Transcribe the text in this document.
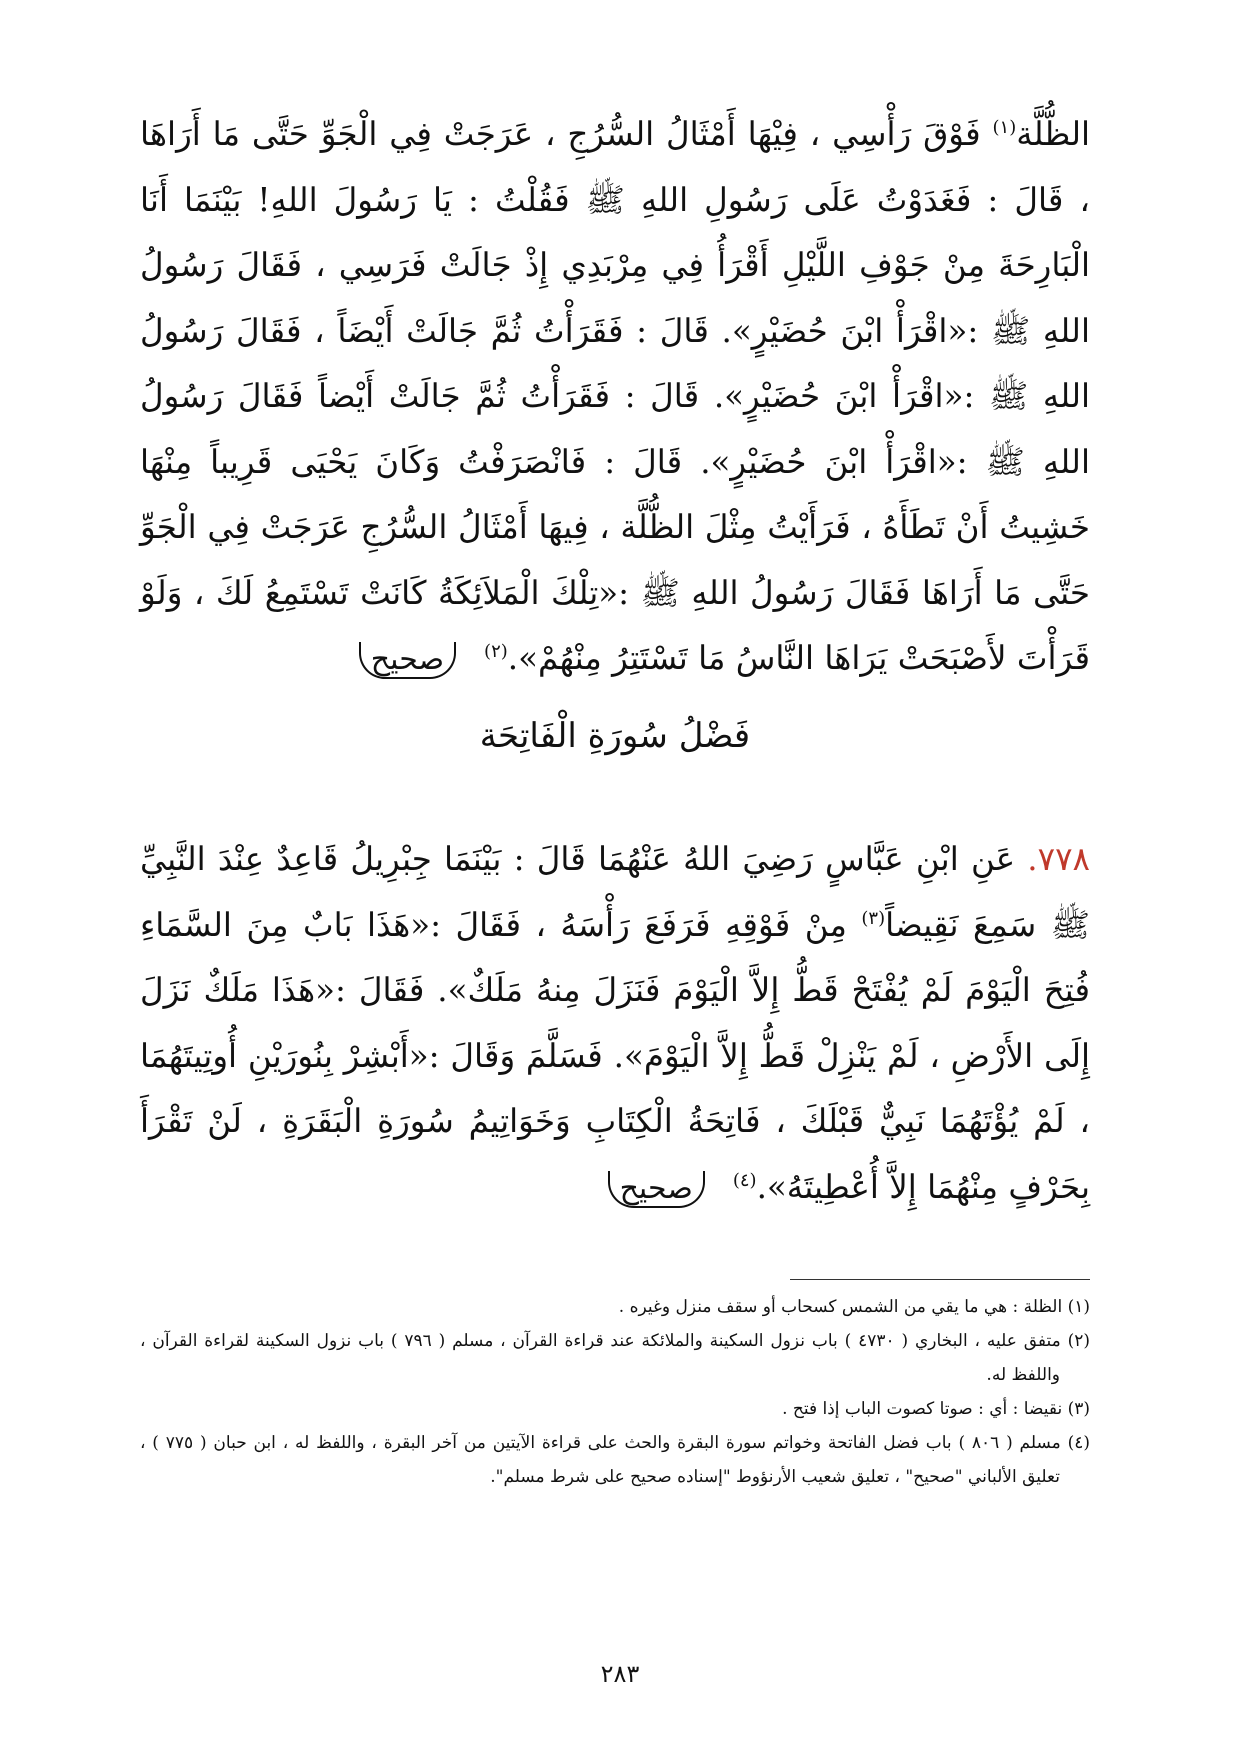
الظُّلَّة$^{(١)}$ فَوْقَ رَأْسِي ، فِيْهَا أَمْثَالُ السُّرُجِ ، عَرَجَتْ فِي الْجَوِّ حَتَّى مَا أَرَاهَا ، قَالَ : فَغَدَوْتُ عَلَى رَسُولِ اللهِ ﷺ فَقُلْتُ : يَا رَسُولَ اللهِ! بَيْنَمَا أَنَا الْبَارِحَةَ مِنْ جَوْفِ اللَّيْلِ أَقْرَأُ فِي مِرْبَدِي إِذْ جَالَتْ فَرَسِي ، فَقَالَ رَسُولُ اللهِ ﷺ :«اقْرَأْ ابْنَ حُضَيْرٍ». قَالَ : فَقَرَأْتُ ثُمَّ جَالَتْ أَيْضَاً ، فَقَالَ رَسُولُ اللهِ ﷺ :«اقْرَأْ ابْنَ حُضَيْرٍ». قَالَ : فَقَرَأْتُ ثُمَّ جَالَتْ أَيْضاً فَقَالَ رَسُولُ اللهِ ﷺ :«اقْرَأْ ابْنَ حُضَيْرٍ». قَالَ : فَانْصَرَفْتُ وَكَانَ يَحْيَى قَرِيباً مِنْهَا خَشِيتُ أَنْ تَطَأَهُ ، فَرَأَيْتُ مِثْلَ الظُّلَّة ، فِيهَا أَمْثَالُ السُّرُجِ عَرَجَتْ فِي الْجَوِّ حَتَّى مَا أَرَاهَا فَقَالَ رَسُولُ اللهِ ﷺ :«تِلْكَ الْمَلاَئِكَةُ كَانَتْ تَسْتَمِعُ لَكَ ، وَلَوْ قَرَأْتَ لأَصْبَحَتْ يَرَاهَا النَّاسُ مَا تَسْتَتِرُ مِنْهُمْ».$^{(٢)}$صحيح
فَضْلُ سُورَةِ الْفَاتِحَة
٧٧٨. عَنِ ابْنِ عَبَّاسٍ رَضِيَ اللهُ عَنْهُمَا قَالَ : بَيْنَمَا جِبْرِيلُ قَاعِدٌ عِنْدَ النَّبِيِّ ﷺ سَمِعَ نَقِيضاً$^{(٣)}$ مِنْ فَوْقِهِ فَرَفَعَ رَأْسَهُ ، فَقَالَ :«هَذَا بَابٌ مِنَ السَّمَاءِ فُتِحَ الْيَوْمَ لَمْ يُفْتَحْ قَطُّ إِلاَّ الْيَوْمَ فَنَزَلَ مِنهُ مَلَكٌ». فَقَالَ :«هَذَا مَلَكٌ نَزَلَ إِلَى الأَرْضِ ، لَمْ يَنْزِلْ قَطُّ إِلاَّ الْيَوْمَ». فَسَلَّمَ وَقَالَ :«أَبْشِرْ بِنُورَيْنِ أُوتِيتَهُمَا ، لَمْ يُؤْتَهُمَا نَبِيٌّ قَبْلَكَ ، فَاتِحَةُ الْكِتَابِ وَخَوَاتِيمُ سُورَةِ الْبَقَرَةِ ، لَنْ تَقْرَأَ بِحَرْفٍ مِنْهُمَا إِلاَّ أُعْطِيتَهُ».$^{(٤)}$صحيح

(١) الظلة : هي ما يقي من الشمس كسحاب أو سقف منزل وغيره .

(٢) متفق عليه ، البخاري ( ٤٧٣٠ ) باب نزول السكينة والملائكة عند قراءة القرآن ، مسلم ( ٧٩٦ ) باب نزول السكينة لقراءة القرآن ، واللفظ له.

(٣) نقيضا : أي : صوتا كصوت الباب إذا فتح .

(٤) مسلم ( ٨٠٦ ) باب فضل الفاتحة وخواتم سورة البقرة والحث على قراءة الآيتين من آخر البقرة ، واللفظ له ، ابن حبان ( ٧٧٥ ) ، تعليق الألباني "صحيح" ، تعليق شعيب الأرنؤوط "إسناده صحيح على شرط مسلم".

٢٨٣
